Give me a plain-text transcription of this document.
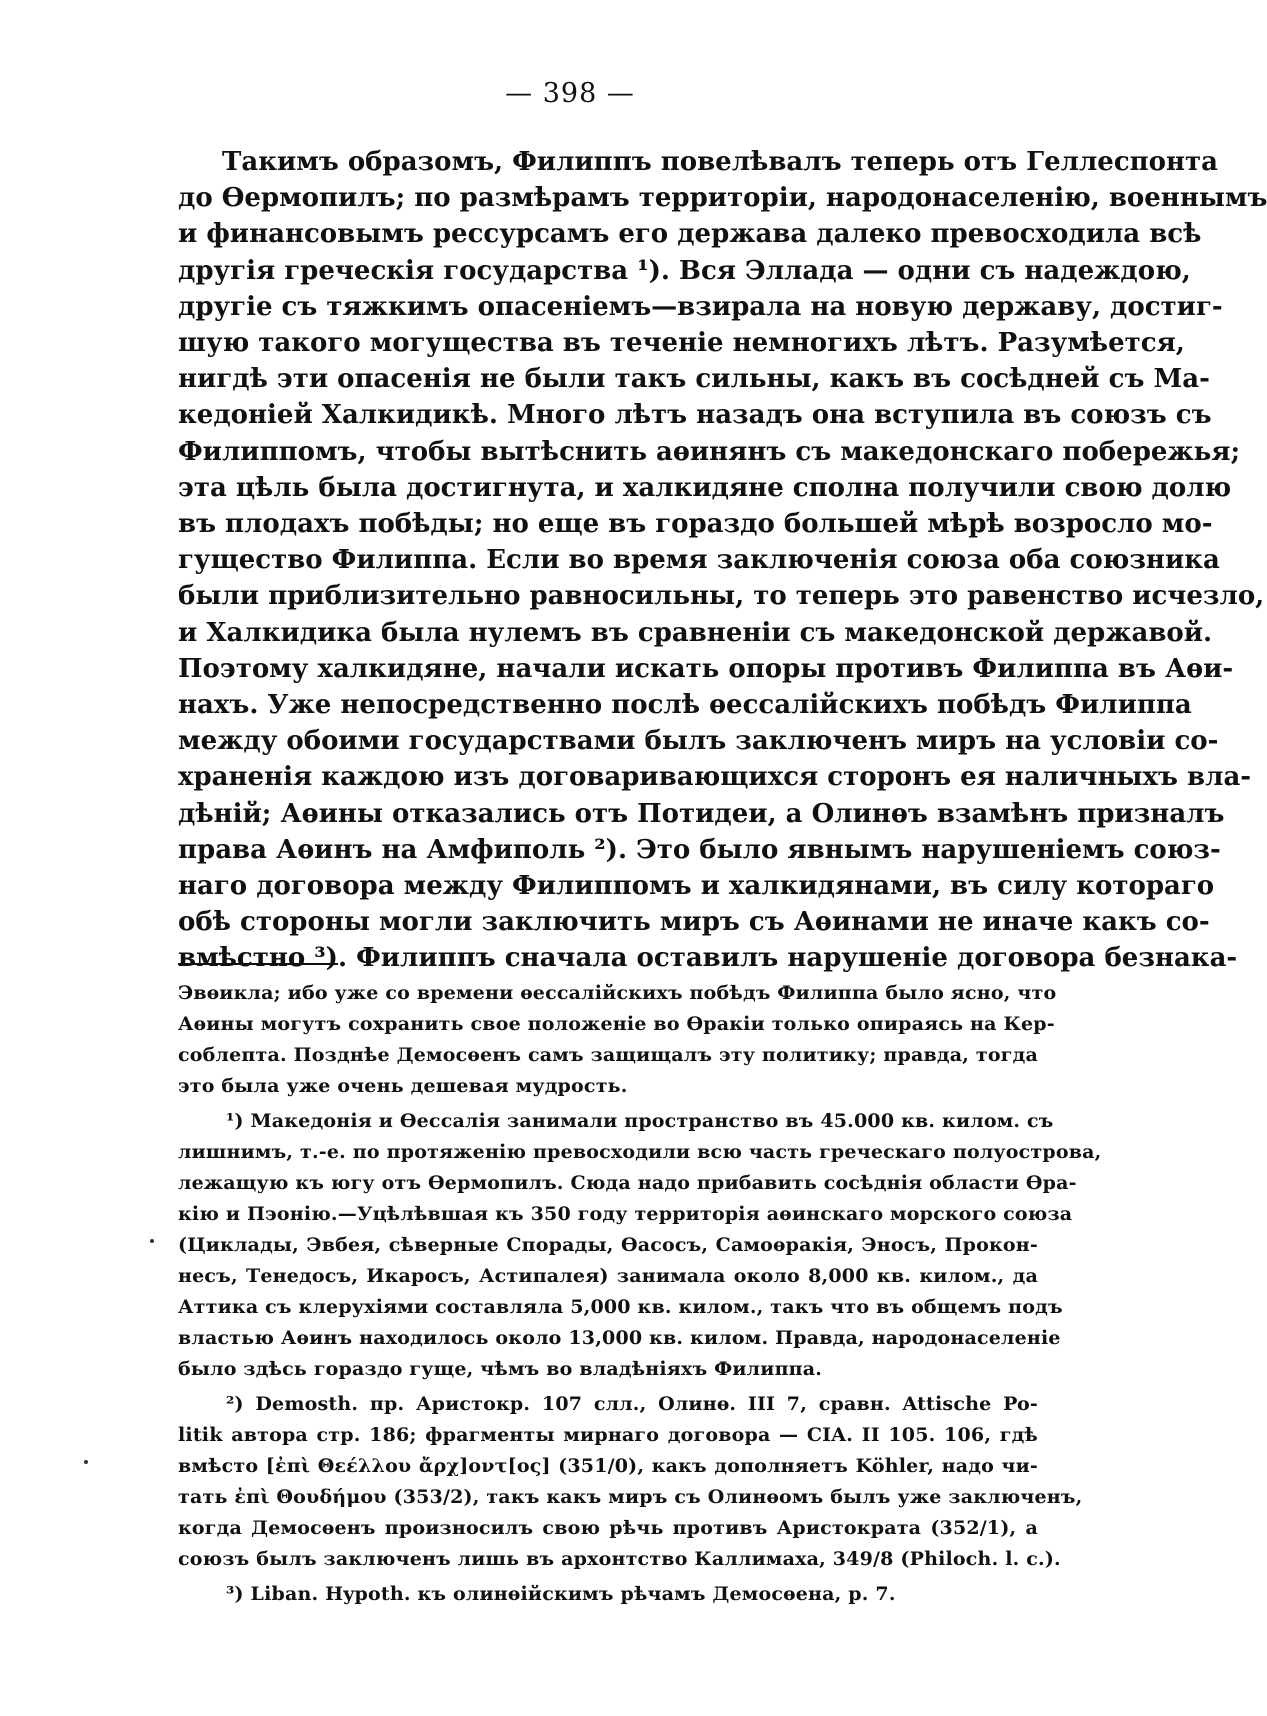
— 398 —
Такимъ образомъ, Филиппъ повелѣвалъ теперь отъ Геллеспонта
до Ѳермопилъ; по размѣрамъ территоріи, народонаселенію, военнымъ
и финансовымъ рессурсамъ его держава далеко превосходила всѣ
другія греческія государства ¹). Вся Эллада — одни съ надеждою,
другіе съ тяжкимъ опасеніемъ—взирала на новую державу, достиг-
шую такого могущества въ теченіе немногихъ лѣтъ. Разумѣется,
нигдѣ эти опасенія не были такъ сильны, какъ въ сосѣдней съ Ма-
кедоніей Халкидикѣ. Много лѣтъ назадъ она вступила въ союзъ съ
Филиппомъ, чтобы вытѣснить аѳинянъ съ македонскаго побережья;
эта цѣль была достигнута, и халкидяне сполна получили свою долю
въ плодахъ побѣды; но еще въ гораздо большей мѣрѣ возросло мо-
гущество Филиппа. Если во время заключенія союза оба союзника
были приблизительно равносильны, то теперь это равенство исчезло,
и Халкидика была нулемъ въ сравненіи съ македонской державой.
Поэтому халкидяне, начали искать опоры противъ Филиппа въ Аѳи-
нахъ. Уже непосредственно послѣ ѳессалійскихъ побѣдъ Филиппа
между обоими государствами былъ заключенъ миръ на условіи со-
храненія каждою изъ договаривающихся сторонъ ея наличныхъ вла-
дѣній; Аѳины отказались отъ Потидеи, а Олинѳъ взамѣнъ призналъ
права Аѳинъ на Амфиполь ²). Это было явнымъ нарушеніемъ союз-
наго договора между Филиппомъ и халкидянами, въ силу котораго
обѣ стороны могли заключить миръ съ Аѳинами не иначе какъ со-
вмѣстно ³). Филиппъ сначала оставилъ нарушеніе договора безнака-
Эвѳикла; ибо уже со времени ѳессалійскихъ побѣдъ Филиппа было ясно, что
Аѳины могутъ сохранить свое положеніе во Ѳракіи только опираясь на Кер-
соблепта. Позднѣе Демосѳенъ самъ защищалъ эту политику; правда, тогда
это была уже очень дешевая мудрость.
¹) Македонія и Ѳессалія занимали пространство въ 45.000 кв. килом. съ
лишнимъ, т.-е. по протяженію превосходили всю часть греческаго полуострова,
лежащую къ югу отъ Ѳермопилъ. Сюда надо прибавить сосѣднія области Ѳра-
кію и Пэонію.—Уцѣлѣвшая къ 350 году территорія аѳинскаго морского союза
(Циклады, Эвбея, сѣверные Спорады, Ѳасосъ, Самоѳракія, Эносъ, Прокон-
несъ, Тенедосъ, Икаросъ, Астипалея) занимала около 8,000 кв. килом., да
Аттика съ клерухіями составляла 5,000 кв. килом., такъ что въ общемъ подъ
властью Аѳинъ находилось около 13,000 кв. килом. Правда, народонаселеніе
было здѣсь гораздо гуще, чѣмъ во владѣніяхъ Филиппа.
²) Demosth. пр. Аристокр. 107 слл., Олинѳ. III 7, сравн. Attische Po-
litik автора стр. 186; фрагменты мирнаго договора — CIA. II 105. 106, гдѣ
вмѣсто [ἐπὶ Θεέλλου ἄρχ]οντ[ος] (351/0), какъ дополняетъ Köhler, надо чи-
тать ἐπὶ Θουδήμου (353/2), такъ какъ миръ съ Олинѳомъ былъ уже заключенъ,
когда Демосѳенъ произносилъ свою рѣчь противъ Аристократа (352/1), а
союзъ былъ заключенъ лишь въ архонтство Каллимаха, 349/8 (Philoch. l. c.).
³) Liban. Hypoth. къ олинѳійскимъ рѣчамъ Демосѳена, p. 7.
